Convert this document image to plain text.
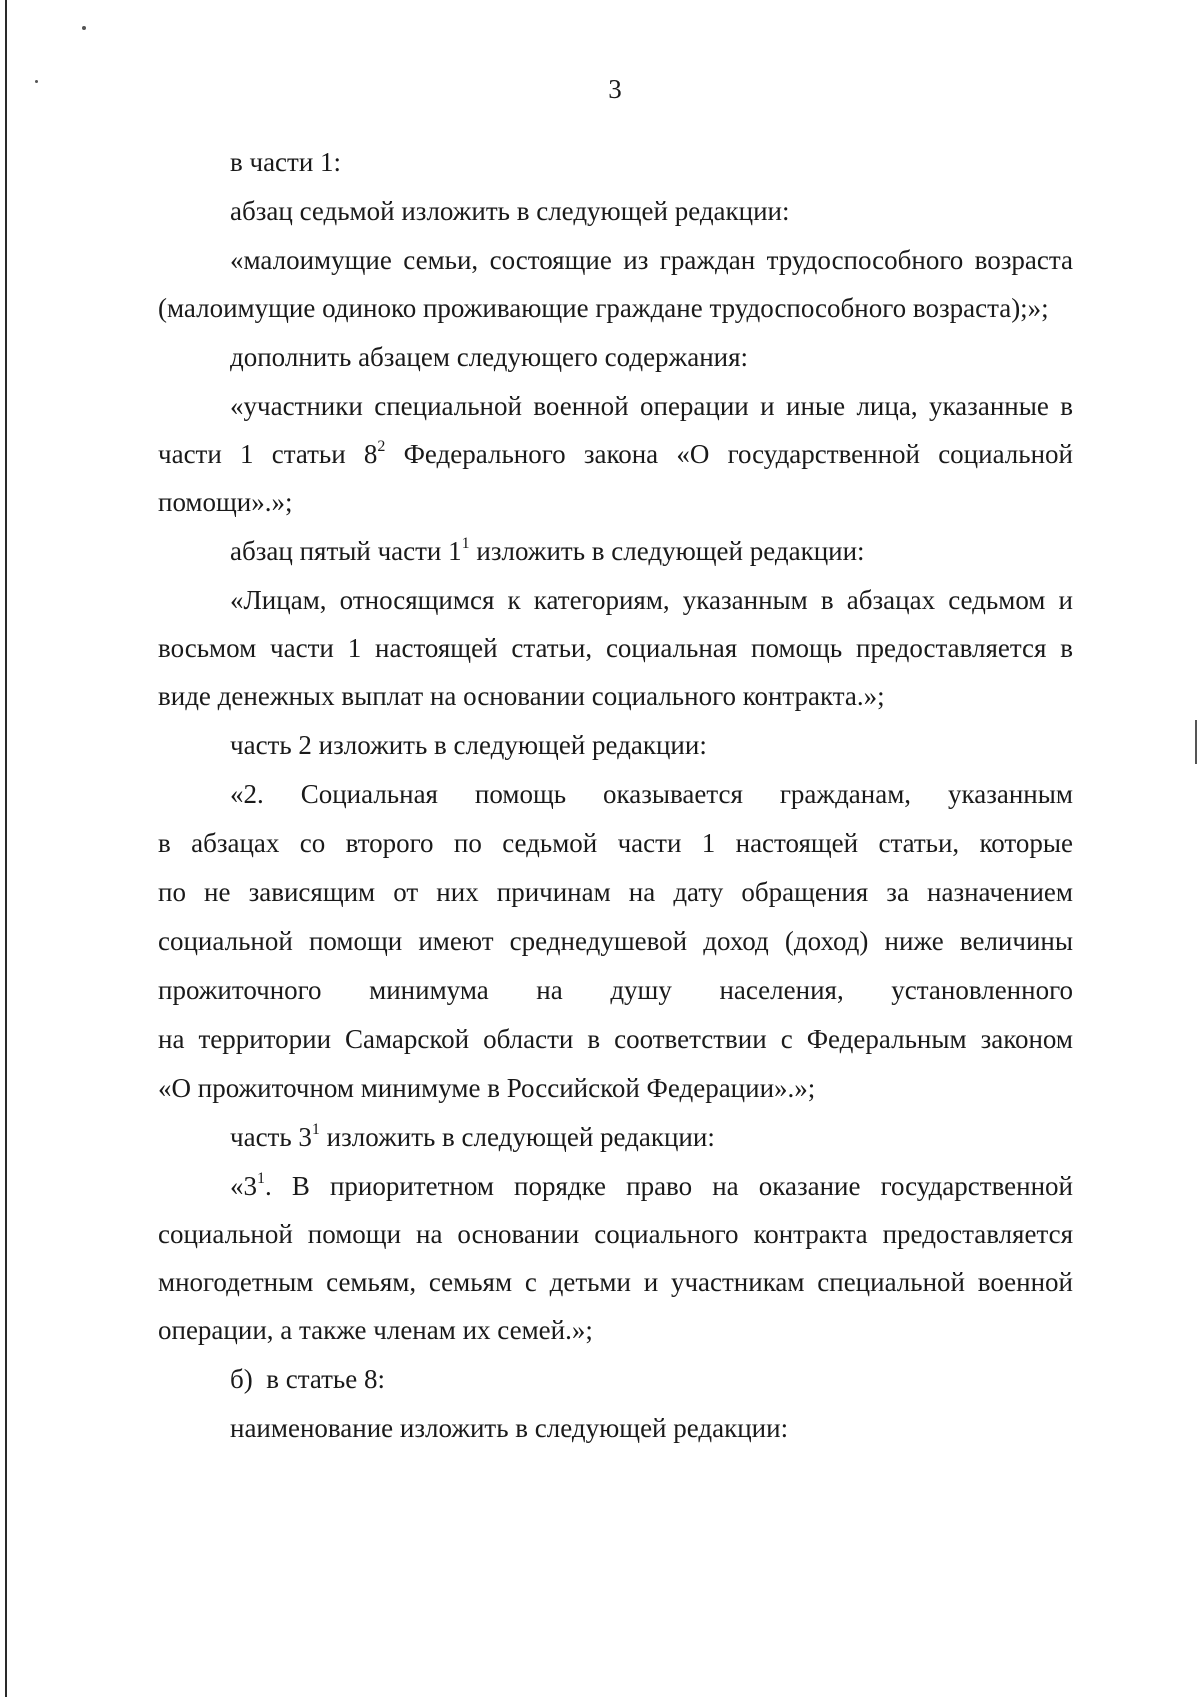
3

в части 1:

абзац седьмой изложить в следующей редакции:

«малоимущие семьи, состоящие из граждан трудоспособного возраста (малоимущие одиноко проживающие граждане трудоспособного возраста);»;

дополнить абзацем следующего содержания:

«участники специальной военной операции и иные лица, указанные в части 1 статьи $8^2$ Федерального закона «О государственной социальной помощи».»;

абзац пятый части $1^1$ изложить в следующей редакции:

«Лицам, относящимся к категориям, указанным в абзацах седьмом и восьмом части 1 настоящей статьи, социальная помощь предоставляется в виде денежных выплат на основании социального контракта.»;

часть 2 изложить в следующей редакции:

«2. Социальная помощь оказывается гражданам, указанным

в абзацах со второго по седьмой части 1 настоящей статьи, которые

по не зависящим от них причинам на дату обращения за назначением

социальной помощи имеют среднедушевой доход (доход) ниже величины

прожиточного минимума на душу населения, установленного

на территории Самарской области в соответствии с Федеральным законом

«О прожиточном минимуме в Российской Федерации».»;

часть $3^1$ изложить в следующей редакции:

«$3^1$. В приоритетном порядке право на оказание государственной социальной помощи на основании социального контракта предоставляется многодетным семьям, семьям с детьми и участникам специальной военной операции, а также членам их семей.»;

б)  в статье 8:

наименование изложить в следующей редакции:
